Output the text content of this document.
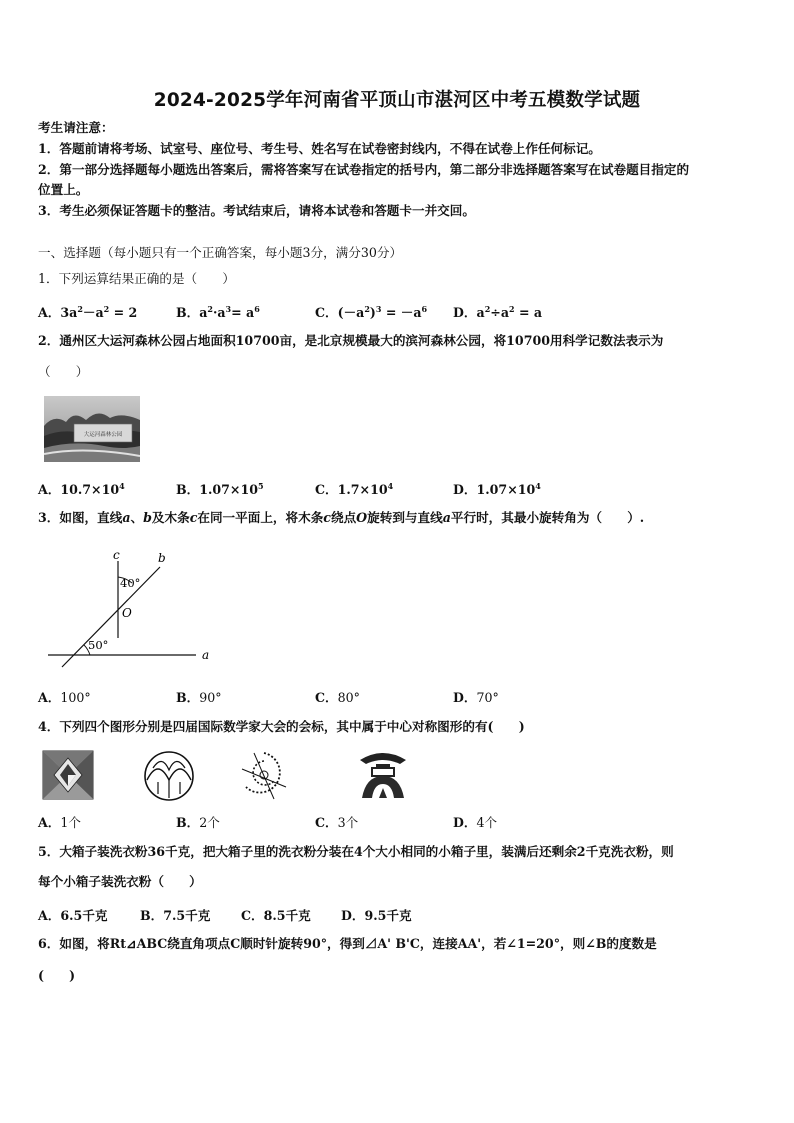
2024-2025学年河南省平顶山市湛河区中考五模数学试题
考生请注意：
1．答题前请将考场、试室号、座位号、考生号、姓名写在试卷密封线内，不得在试卷上作任何标记。
2．第一部分选择题每小题选出答案后，需将答案写在试卷指定的括号内，第二部分非选择题答案写在试卷题目指定的
位置上。
3．考生必须保证答题卡的整洁。考试结束后，请将本试卷和答题卡一并交回。
一、选择题（每小题只有一个正确答案，每小题3分，满分30分）
1．下列运算结果正确的是（　　）
A．$3a^2-a^2 = 2$	B．$a^2\cdot a^3= a^6$	C．$(-a^2)^3 = -a^6$ D．$a^2\div a^2 = a$
2．通州区大运河森林公园占地面积10700亩，是北京规模最大的滨河森林公园，将10700用科学记数法表示为
（　　）
大运河森林公园
A．$10.7\times 10^4$	B．$1.07\times 10^5$	C．$1.7\times 10^4$	D．$1.07\times 10^4$
3．如图，直线a、b及木条c在同一平面上，将木条c绕点O旋转到与直线a平行时，其最小旋转角为（　　）.
c	b
a
O
40°
50°
A．100°	B．90°	C．80°	D．70°
4．下列四个图形分别是四届国际数学家大会的会标，其中属于中心对称图形的有(　　)
A．1个	B．2个	C．3个	D．4个
5．大箱子装洗衣粉36千克，把大箱子里的洗衣粉分装在4个大小相同的小箱子里，装满后还剩余2千克洗衣粉，则
每个小箱子装洗衣粉（　　）
A．6.5千克	B．7.5千克 C．8.5千克 D．9.5千克
6．如图，将Rt⊿ABC绕直角项点C顺时针旋转90°，得到⊿A' B'C，连接AA'，若∠1=20°，则∠B的度数是
(　　)
